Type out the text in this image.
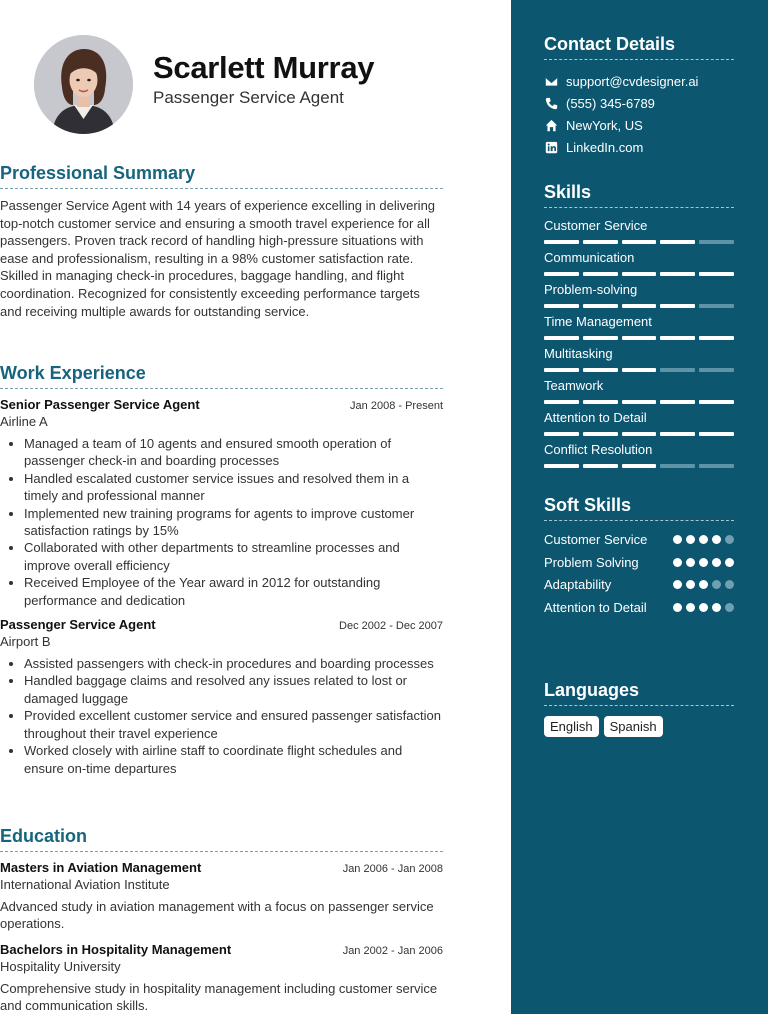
Scarlett Murray
Passenger Service Agent
Professional Summary

Passenger Service Agent with 14 years of experience excelling in delivering top-notch customer service and ensuring a smooth travel experience for all passengers. Proven track record of handling high-pressure situations with ease and professionalism, resulting in a 98% customer satisfaction rate. Skilled in managing check-in procedures, baggage handling, and flight coordination. Recognized for consistently exceeding performance targets and receiving multiple awards for outstanding service.

Work Experience
Senior Passenger Service Agent	Jan 2008 - Present
Airline A
• Managed a team of 10 agents and ensured smooth operation of passenger check-in and boarding processes
• Handled escalated customer service issues and resolved them in a timely and professional manner
• Implemented new training programs for agents to improve customer satisfaction ratings by 15%
• Collaborated with other departments to streamline processes and improve overall efficiency
• Received Employee of the Year award in 2012 for outstanding performance and dedication
Passenger Service Agent	Dec 2002 - Dec 2007
Airport B
• Assisted passengers with check-in procedures and boarding processes
• Handled baggage claims and resolved any issues related to lost or damaged luggage
• Provided excellent customer service and ensured passenger satisfaction throughout their travel experience
• Worked closely with airline staff to coordinate flight schedules and ensure on-time departures
Education
Masters in Aviation Management	Jan 2006 - Jan 2008
International Aviation Institute
Advanced study in aviation management with a focus on passenger service operations.
Bachelors in Hospitality Management	Jan 2002 - Jan 2006
Hospitality University
Comprehensive study in hospitality management including customer service and communication skills.
Contact Details
support@cvdesigner.ai
(555) 345-6789
NewYork, US
LinkedIn.com
Skills
Customer Service
Communication
Problem-solving
Time Management
Multitasking
Teamwork
Attention to Detail
Conflict Resolution
Soft Skills
Customer Service
Problem Solving
Adaptability
Attention to Detail
Languages
English	Spanish
